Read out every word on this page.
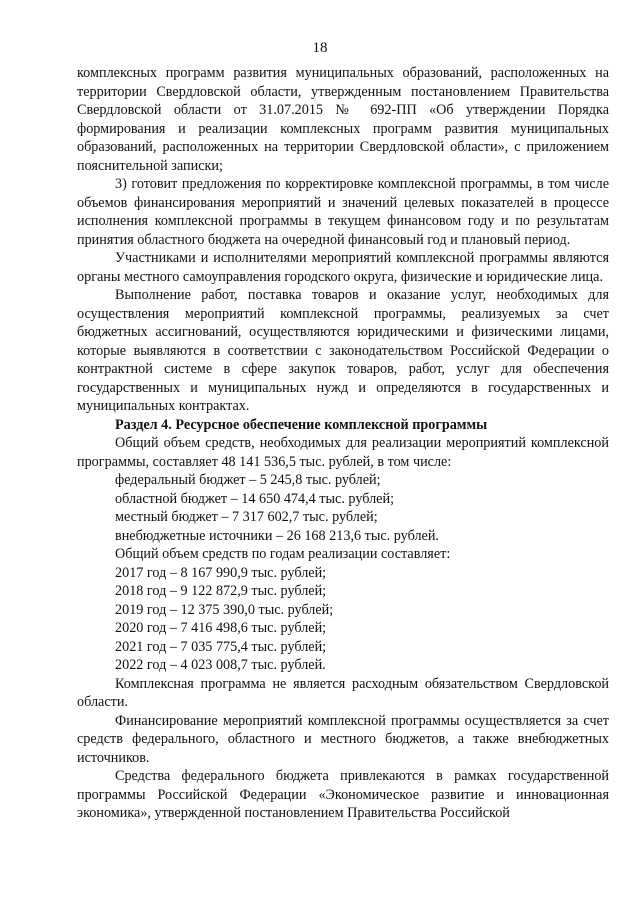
18

комплексных программ развития муниципальных образований, расположенных на территории Свердловской области, утвержденным постановлением Правительства Свердловской области от 31.07.2015 № 692-ПП «Об утверждении Порядка формирования и реализации комплексных программ развития муниципальных образований, расположенных на территории Свердловской области», с приложением пояснительной записки;

3) готовит предложения по корректировке комплексной программы, в том числе объемов финансирования мероприятий и значений целевых показателей в процессе исполнения комплексной программы в текущем финансовом году и по результатам принятия областного бюджета на очередной финансовый год и плановый период.

Участниками и исполнителями мероприятий комплексной программы являются органы местного самоуправления городского округа, физические и юридические лица.

Выполнение работ, поставка товаров и оказание услуг, необходимых для осуществления мероприятий комплексной программы, реализуемых за счет бюджетных ассигнований, осуществляются юридическими и физическими лицами, которые выявляются в соответствии с законодательством Российской Федерации о контрактной системе в сфере закупок товаров, работ, услуг для обеспечения государственных и муниципальных нужд и определяются в государственных и муниципальных контрактах.

Раздел 4. Ресурсное обеспечение комплексной программы

Общий объем средств, необходимых для реализации мероприятий комплексной программы, составляет 48 141 536,5 тыс. рублей, в том числе:

федеральный бюджет – 5 245,8 тыс. рублей;
областной бюджет – 14 650 474,4 тыс. рублей;
местный бюджет – 7 317 602,7 тыс. рублей;
внебюджетные источники – 26 168 213,6 тыс. рублей.
Общий объем средств по годам реализации составляет:
2017 год – 8 167 990,9 тыс. рублей;
2018 год – 9 122 872,9 тыс. рублей;
2019 год – 12 375 390,0 тыс. рублей;
2020 год – 7 416 498,6 тыс. рублей;
2021 год – 7 035 775,4 тыс. рублей;
2022 год – 4 023 008,7 тыс. рублей.

Комплексная программа не является расходным обязательством Свердловской области.

Финансирование мероприятий комплексной программы осуществляется за счет средств федерального, областного и местного бюджетов, а также внебюджетных источников.

Средства федерального бюджета привлекаются в рамках государственной программы Российской Федерации «Экономическое развитие и инновационная экономика», утвержденной постановлением Правительства Российской
